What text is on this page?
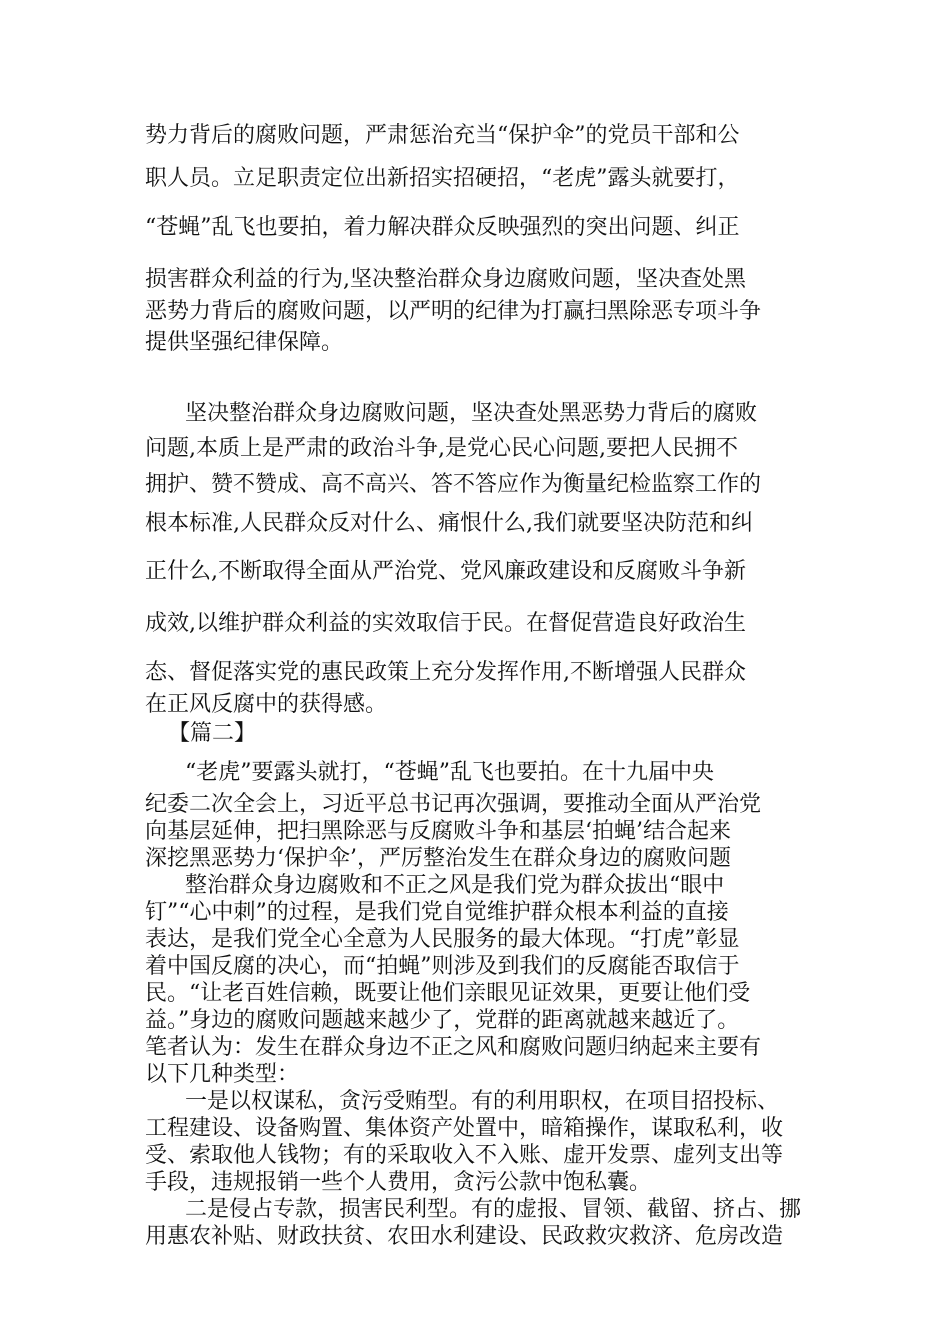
势力背后的腐败问题，严肃惩治充当“保护伞”的党员干部和公
职人员。立足职责定位出新招实招硬招，“老虎”露头就要打，
“苍蝇”乱飞也要拍，着力解决群众反映强烈的突出问题、纠正
损害群众利益的行为,坚决整治群众身边腐败问题，坚决查处黑
恶势力背后的腐败问题，以严明的纪律为打赢扫黑除恶专项斗争
提供坚强纪律保障。
坚决整治群众身边腐败问题，坚决查处黑恶势力背后的腐败
问题,本质上是严肃的政治斗争,是党心民心问题,要把人民拥不
拥护、赞不赞成、高不高兴、答不答应作为衡量纪检监察工作的
根本标准,人民群众反对什么、痛恨什么,我们就要坚决防范和纠
正什么,不断取得全面从严治党、党风廉政建设和反腐败斗争新
成效,以维护群众利益的实效取信于民。在督促营造良好政治生
态、督促落实党的惠民政策上充分发挥作用,不断增强人民群众
在正风反腐中的获得感。
【篇二】
“老虎”要露头就打，“苍蝇”乱飞也要拍。在十九届中央
纪委二次全会上，习近平总书记再次强调，要推动全面从严治党
向基层延伸，把扫黑除恶与反腐败斗争和基层‘拍蝇’结合起来
深挖黑恶势力‘保护伞’，严厉整治发生在群众身边的腐败问题
整治群众身边腐败和不正之风是我们党为群众拔出“眼中
钉”“心中刺”的过程，是我们党自觉维护群众根本利益的直接
表达，是我们党全心全意为人民服务的最大体现。“打虎”彰显
着中国反腐的决心，而“拍蝇”则涉及到我们的反腐能否取信于
民。“让老百姓信赖，既要让他们亲眼见证效果，更要让他们受
益。”身边的腐败问题越来越少了，党群的距离就越来越近了。
笔者认为：发生在群众身边不正之风和腐败问题归纳起来主要有
以下几种类型：
一是以权谋私，贪污受贿型。有的利用职权，在项目招投标、
工程建设、设备购置、集体资产处置中，暗箱操作，谋取私利，收
受、索取他人钱物；有的采取收入不入账、虚开发票、虚列支出等
手段，违规报销一些个人费用，贪污公款中饱私囊。
二是侵占专款，损害民利型。有的虚报、冒领、截留、挤占、挪
用惠农补贴、财政扶贫、农田水利建设、民政救灾救济、危房改造
